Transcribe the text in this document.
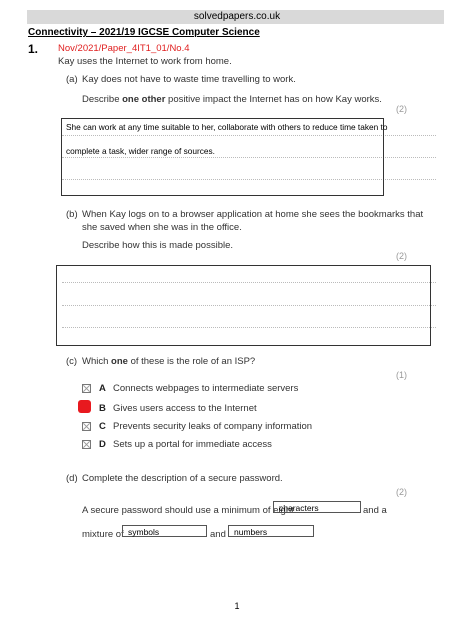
solvedpapers.co.uk
Connectivity – 2021/19 IGCSE Computer Science
1. Nov/2021/Paper_4IT1_01/No.4
Kay uses the Internet to work from home.
(a) Kay does not have to waste time travelling to work.
Describe one other positive impact the Internet has on how Kay works.
(2)
She can work at any time suitable to her, collaborate with others to reduce time taken to
complete a task, wider range of sources.
(b) When Kay logs on to a browser application at home she sees the bookmarks that
she saved when she was in the office.
Describe how this is made possible.
(2)
(c) Which one of these is the role of an ISP?
(1)
A Connects webpages to intermediate servers
B Gives users access to the Internet
C Prevents security leaks of company information
D Sets up a portal for immediate access
(d) Complete the description of a secure password.
(2)
A secure password should use a minimum of eight
characters	and a
mixture of symbols	and numbers
1
